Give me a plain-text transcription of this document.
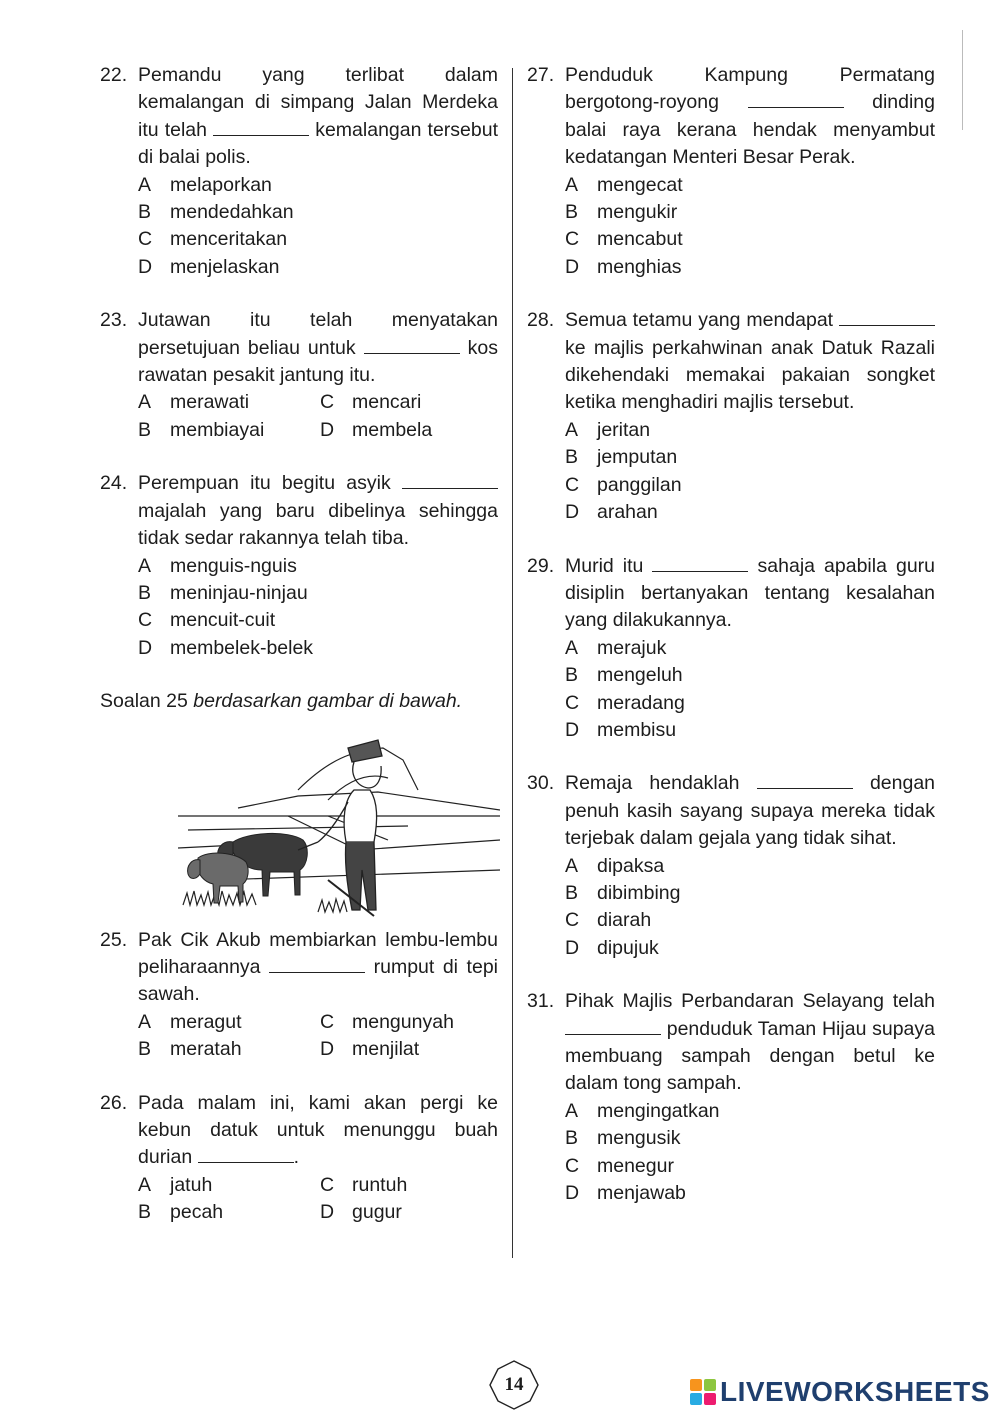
22. Pemandu yang terlibat dalam kemalangan di simpang Jalan Merdeka itu telah	kemalangan tersebut di balai polis.
A melaporkan
B mendedahkan
C menceritakan
D menjelaskan
23. Jutawan itu telah menyatakan persetujuan beliau untuk	kos rawatan pesakit jantung itu.
A merawati	C mencari
B membiayai	D membela
24. Perempuan itu begitu asyik  majalah yang baru dibelinya sehingga tidak sedar rakannya telah tiba.
A menguis-nguis
B meninjau-ninjau
C mencuit-cuit
D membelek-belek
Soalan 25 berdasarkan gambar di bawah.
25. Pak Cik Akub membiarkan lembu-lembu peliharaannya	rumput di tepi sawah.
A meragut	C mengunyah
B meratah	D menjilat
26. Pada malam ini, kami akan pergi ke kebun datuk untuk menunggu buah durian	.
A jatuh	C runtuh
B pecah	D gugur
27. Penduduk Kampung Permatang bergotong-royong	dinding balai raya kerana hendak menyambut kedatangan Menteri Besar Perak.
A mengecat
B mengukir
C mencabut
D menghias
28. Semua tetamu yang mendapat  ke majlis perkahwinan anak Datuk Razali dikehendaki memakai pakaian songket ketika menghadiri majlis tersebut.
A jeritan
B jemputan
C panggilan
D arahan
29. Murid itu	sahaja apabila guru disiplin bertanyakan tentang kesalahan yang dilakukannya.
A merajuk
B mengeluh
C meradang
D membisu
30. Remaja hendaklah	dengan penuh kasih sayang supaya mereka tidak terjebak dalam gejala yang tidak sihat.
A dipaksa
B dibimbing
C diarah
D dipujuk
31. Pihak Majlis Perbandaran Selayang telah  penduduk Taman Hijau supaya membuang sampah dengan betul ke dalam tong sampah.
A mengingatkan
B mengusik
C menegur
D menjawab
14	LIVEWORKSHEETS
